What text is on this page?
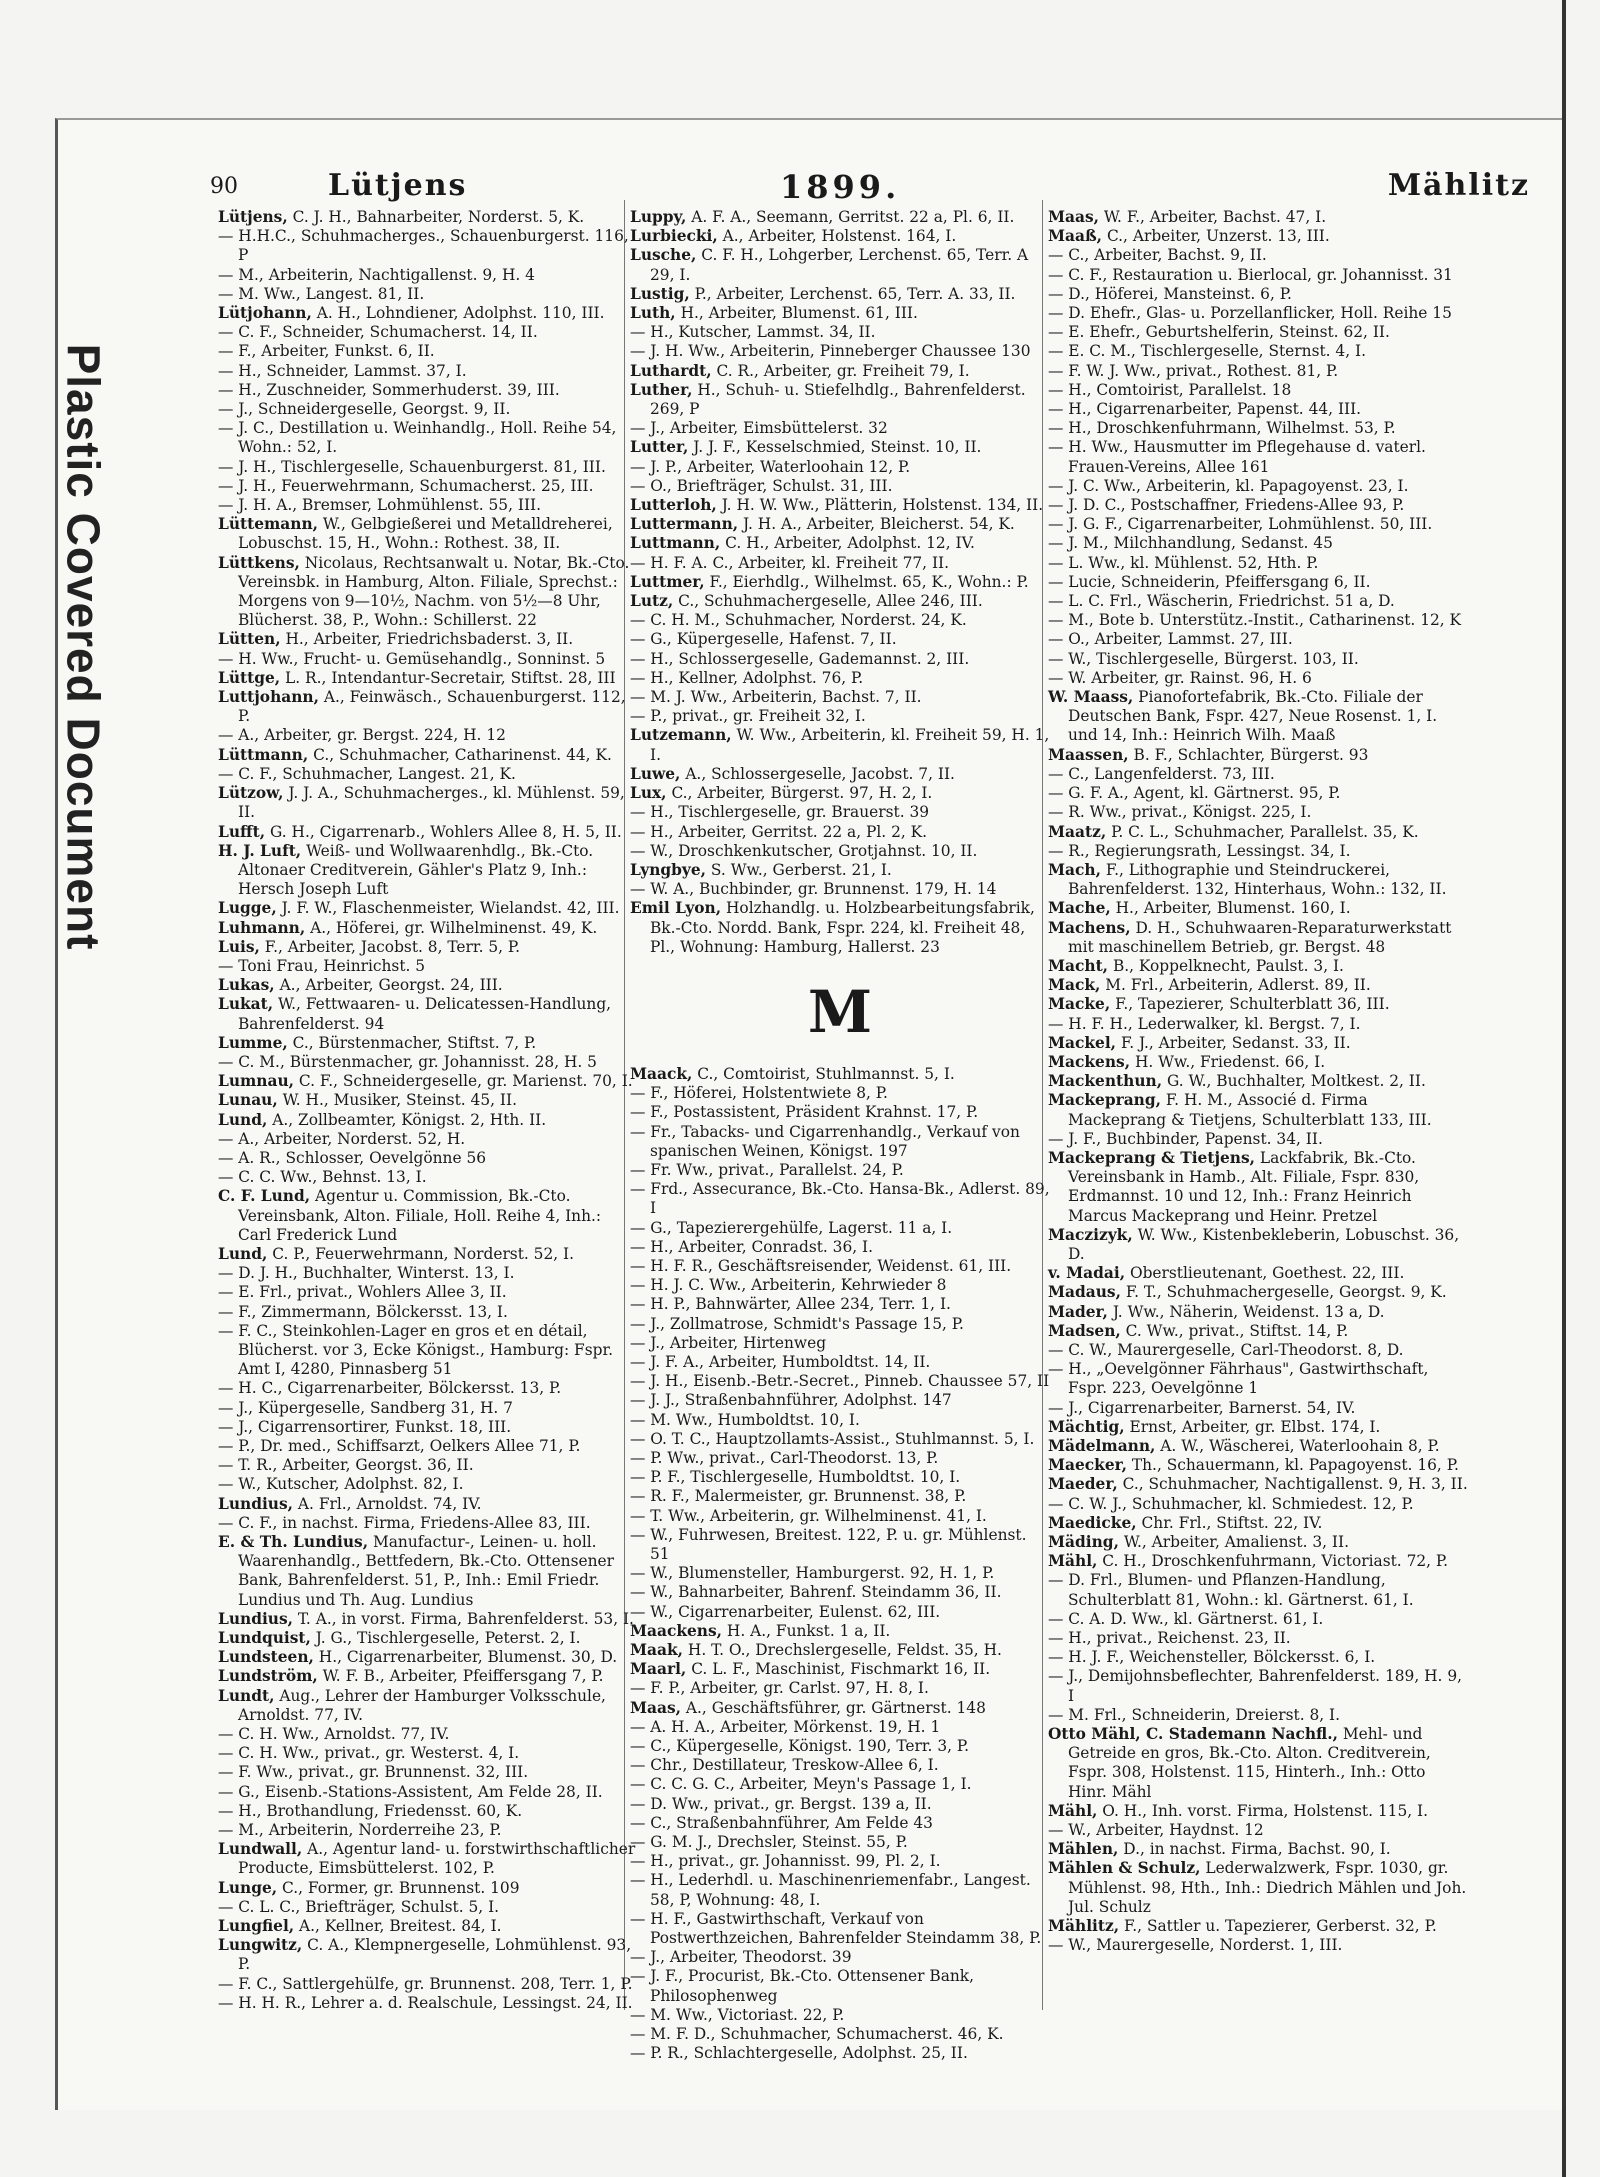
Plastic Covered Document
90	Lütjens	1899.	Mählitz

Lütjens, C. J. H., Bahnarbeiter, Norderst. 5, K.

— H.H.C., Schuhmacherges., Schauenburgerst. 116, P

— M., Arbeiterin, Nachtigallenst. 9, H. 4

— M. Ww., Langest. 81, II.

Lütjohann, A. H., Lohndiener, Adolphst. 110, III.

— C. F., Schneider, Schumacherst. 14, II.

— F., Arbeiter, Funkst. 6, II.

— H., Schneider, Lammst. 37, I.

— H., Zuschneider, Sommerhuderst. 39, III.

— J., Schneidergeselle, Georgst. 9, II.

— J. C., Destillation u. Weinhandlg., Holl. Reihe 54, Wohn.: 52, I.

— J. H., Tischlergeselle, Schauenburgerst. 81, III.

— J. H., Feuerwehrmann, Schumacherst. 25, III.

— J. H. A., Bremser, Lohmühlenst. 55, III.

Lüttemann, W., Gelbgießerei und Metalldreherei, Lobuschst. 15, H., Wohn.: Rothest. 38, II.

Lüttkens, Nicolaus, Rechtsanwalt u. Notar, Bk.-Cto. Vereinsbk. in Hamburg, Alton. Filiale, Sprechst.: Morgens von 9—10½, Nachm. von 5½—8 Uhr, Blücherst. 38, P., Wohn.: Schillerst. 22

Lütten, H., Arbeiter, Friedrichsbaderst. 3, II.

— H. Ww., Frucht- u. Gemüsehandlg., Sonninst. 5

Lüttge, L. R., Intendantur-Secretair, Stiftst. 28, III

Luttjohann, A., Feinwäsch., Schauenburgerst. 112, P.

— A., Arbeiter, gr. Bergst. 224, H. 12

Lüttmann, C., Schuhmacher, Catharinenst. 44, K.

— C. F., Schuhmacher, Langest. 21, K.

Lützow, J. J. A., Schuhmacherges., kl. Mühlenst. 59, II.

Lufft, G. H., Cigarrenarb., Wohlers Allee 8, H. 5, II.

H. J. Luft, Weiß- und Wollwaarenhdlg., Bk.-Cto. Altonaer Creditverein, Gähler's Platz 9, Inh.: Hersch Joseph Luft

Lugge, J. F. W., Flaschenmeister, Wielandst. 42, III.

Luhmann, A., Höferei, gr. Wilhelminenst. 49, K.

Luis, F., Arbeiter, Jacobst. 8, Terr. 5, P.

— Toni Frau, Heinrichst. 5

Lukas, A., Arbeiter, Georgst. 24, III.

Lukat, W., Fettwaaren- u. Delicatessen-Handlung, Bahrenfelderst. 94

Lumme, C., Bürstenmacher, Stiftst. 7, P.

— C. M., Bürstenmacher, gr. Johannisst. 28, H. 5

Lumnau, C. F., Schneidergeselle, gr. Marienst. 70, I.

Lunau, W. H., Musiker, Steinst. 45, II.

Lund, A., Zollbeamter, Königst. 2, Hth. II.

— A., Arbeiter, Norderst. 52, H.

— A. R., Schlosser, Oevelgönne 56

— C. C. Ww., Behnst. 13, I.

C. F. Lund, Agentur u. Commission, Bk.-Cto. Vereinsbank, Alton. Filiale, Holl. Reihe 4, Inh.: Carl Frederick Lund

Lund, C. P., Feuerwehrmann, Norderst. 52, I.

— D. J. H., Buchhalter, Winterst. 13, I.

— E. Frl., privat., Wohlers Allee 3, II.

— F., Zimmermann, Bölckersst. 13, I.

— F. C., Steinkohlen-Lager en gros et en détail, Blücherst. vor 3, Ecke Königst., Hamburg: Fspr. Amt I, 4280, Pinnasberg 51

— H. C., Cigarrenarbeiter, Bölckersst. 13, P.

— J., Küpergeselle, Sandberg 31, H. 7

— J., Cigarrensortirer, Funkst. 18, III.

— P., Dr. med., Schiffsarzt, Oelkers Allee 71, P.

— T. R., Arbeiter, Georgst. 36, II.

— W., Kutscher, Adolphst. 82, I.

Lundius, A. Frl., Arnoldst. 74, IV.

— C. F., in nachst. Firma, Friedens-Allee 83, III.

E. & Th. Lundius, Manufactur-, Leinen- u. holl. Waarenhandlg., Bettfedern, Bk.-Cto. Ottensener Bank, Bahrenfelderst. 51, P., Inh.: Emil Friedr. Lundius und Th. Aug. Lundius

Lundius, T. A., in vorst. Firma, Bahrenfelderst. 53, I.

Lundquist, J. G., Tischlergeselle, Peterst. 2, I.

Lundsteen, H., Cigarrenarbeiter, Blumenst. 30, D.

Lundström, W. F. B., Arbeiter, Pfeiffersgang 7, P.

Lundt, Aug., Lehrer der Hamburger Volksschule, Arnoldst. 77, IV.

— C. H. Ww., Arnoldst. 77, IV.

— C. H. Ww., privat., gr. Westerst. 4, I.

— F. Ww., privat., gr. Brunnenst. 32, III.

— G., Eisenb.-Stations-Assistent, Am Felde 28, II.

— H., Brothandlung, Friedensst. 60, K.

— M., Arbeiterin, Norderreihe 23, P.

Lundwall, A., Agentur land- u. forstwirthschaftlicher Producte, Eimsbüttelerst. 102, P.

Lunge, C., Former, gr. Brunnenst. 109

— C. L. C., Briefträger, Schulst. 5, I.

Lungfiel, A., Kellner, Breitest. 84, I.

Lungwitz, C. A., Klempnergeselle, Lohmühlenst. 93, P.

— F. C., Sattlergehülfe, gr. Brunnenst. 208, Terr. 1, P.

— H. H. R., Lehrer a. d. Realschule, Lessingst. 24, II.

Luppy, A. F. A., Seemann, Gerritst. 22 a, Pl. 6, II.

Lurbiecki, A., Arbeiter, Holstenst. 164, I.

Lusche, C. F. H., Lohgerber, Lerchenst. 65, Terr. A 29, I.

Lustig, P., Arbeiter, Lerchenst. 65, Terr. A. 33, II.

Luth, H., Arbeiter, Blumenst. 61, III.

— H., Kutscher, Lammst. 34, II.

— J. H. Ww., Arbeiterin, Pinneberger Chaussee 130

Luthardt, C. R., Arbeiter, gr. Freiheit 79, I.

Luther, H., Schuh- u. Stiefelhdlg., Bahrenfelderst. 269, P

— J., Arbeiter, Eimsbüttelerst. 32

Lutter, J. J. F., Kesselschmied, Steinst. 10, II.

— J. P., Arbeiter, Waterloohain 12, P.

— O., Briefträger, Schulst. 31, III.

Lutterloh, J. H. W. Ww., Plätterin, Holstenst. 134, II.

Luttermann, J. H. A., Arbeiter, Bleicherst. 54, K.

Luttmann, C. H., Arbeiter, Adolphst. 12, IV.

— H. F. A. C., Arbeiter, kl. Freiheit 77, II.

Luttmer, F., Eierhdlg., Wilhelmst. 65, K., Wohn.: P.

Lutz, C., Schuhmachergeselle, Allee 246, III.

— C. H. M., Schuhmacher, Norderst. 24, K.

— G., Küpergeselle, Hafenst. 7, II.

— H., Schlossergeselle, Gademannst. 2, III.

— H., Kellner, Adolphst. 76, P.

— M. J. Ww., Arbeiterin, Bachst. 7, II.

— P., privat., gr. Freiheit 32, I.

Lutzemann, W. Ww., Arbeiterin, kl. Freiheit 59, H. 1, I.

Luwe, A., Schlossergeselle, Jacobst. 7, II.

Lux, C., Arbeiter, Bürgerst. 97, H. 2, I.

— H., Tischlergeselle, gr. Brauerst. 39

— H., Arbeiter, Gerritst. 22 a, Pl. 2, K.

— W., Droschkenkutscher, Grotjahnst. 10, II.

Lyngbye, S. Ww., Gerberst. 21, I.

— W. A., Buchbinder, gr. Brunnenst. 179, H. 14

Emil Lyon, Holzhandlg. u. Holzbearbeitungsfabrik, Bk.-Cto. Nordd. Bank, Fspr. 224, kl. Freiheit 48, Pl., Wohnung: Hamburg, Hallerst. 23

M

Maack, C., Comtoirist, Stuhlmannst. 5, I.

— F., Höferei, Holstentwiete 8, P.

— F., Postassistent, Präsident Krahnst. 17, P.

— Fr., Tabacks- und Cigarrenhandlg., Verkauf von spanischen Weinen, Königst. 197

— Fr. Ww., privat., Parallelst. 24, P.

— Frd., Assecurance, Bk.-Cto. Hansa-Bk., Adlerst. 89, I

— G., Tapezierergehülfe, Lagerst. 11 a, I.

— H., Arbeiter, Conradst. 36, I.

— H. F. R., Geschäftsreisender, Weidenst. 61, III.

— H. J. C. Ww., Arbeiterin, Kehrwieder 8

— H. P., Bahnwärter, Allee 234, Terr. 1, I.

— J., Zollmatrose, Schmidt's Passage 15, P.

— J., Arbeiter, Hirtenweg

— J. F. A., Arbeiter, Humboldtst. 14, II.

— J. H., Eisenb.-Betr.-Secret., Pinneb. Chaussee 57, II

— J. J., Straßenbahnführer, Adolphst. 147

— M. Ww., Humboldtst. 10, I.

— O. T. C., Hauptzollamts-Assist., Stuhlmannst. 5, I.

— P. Ww., privat., Carl-Theodorst. 13, P.

— P. F., Tischlergeselle, Humboldtst. 10, I.

— R. F., Malermeister, gr. Brunnenst. 38, P.

— T. Ww., Arbeiterin, gr. Wilhelminenst. 41, I.

— W., Fuhrwesen, Breitest. 122, P. u. gr. Mühlenst. 51

— W., Blumensteller, Hamburgerst. 92, H. 1, P.

— W., Bahnarbeiter, Bahrenf. Steindamm 36, II.

— W., Cigarrenarbeiter, Eulenst. 62, III.

Maackens, H. A., Funkst. 1 a, II.

Maak, H. T. O., Drechslergeselle, Feldst. 35, H.

Maarl, C. L. F., Maschinist, Fischmarkt 16, II.

— F. P., Arbeiter, gr. Carlst. 97, H. 8, I.

Maas, A., Geschäftsführer, gr. Gärtnerst. 148

— A. H. A., Arbeiter, Mörkenst. 19, H. 1

— C., Küpergeselle, Königst. 190, Terr. 3, P.

— Chr., Destillateur, Treskow-Allee 6, I.

— C. C. G. C., Arbeiter, Meyn's Passage 1, I.

— D. Ww., privat., gr. Bergst. 139 a, II.

— C., Straßenbahnführer, Am Felde 43

— G. M. J., Drechsler, Steinst. 55, P.

— H., privat., gr. Johannisst. 99, Pl. 2, I.

— H., Lederhdl. u. Maschinenriemenfabr., Langest. 58, P, Wohnung: 48, I.

— H. F., Gastwirthschaft, Verkauf von Postwerthzeichen, Bahrenfelder Steindamm 38, P.

— J., Arbeiter, Theodorst. 39

— J. F., Procurist, Bk.-Cto. Ottensener Bank, Philosophenweg

— M. Ww., Victoriast. 22, P.

— M. F. D., Schuhmacher, Schumacherst. 46, K.

— P. R., Schlachtergeselle, Adolphst. 25, II.

Maas, W. F., Arbeiter, Bachst. 47, I.

Maaß, C., Arbeiter, Unzerst. 13, III.

— C., Arbeiter, Bachst. 9, II.

— C. F., Restauration u. Bierlocal, gr. Johannisst. 31

— D., Höferei, Mansteinst. 6, P.

— D. Ehefr., Glas- u. Porzellanflicker, Holl. Reihe 15

— E. Ehefr., Geburtshelferin, Steinst. 62, II.

— E. C. M., Tischlergeselle, Sternst. 4, I.

— F. W. J. Ww., privat., Rothest. 81, P.

— H., Comtoirist, Parallelst. 18

— H., Cigarrenarbeiter, Papenst. 44, III.

— H., Droschkenfuhrmann, Wilhelmst. 53, P.

— H. Ww., Hausmutter im Pflegehause d. vaterl. Frauen-Vereins, Allee 161

— J. C. Ww., Arbeiterin, kl. Papagoyenst. 23, I.

— J. D. C., Postschaffner, Friedens-Allee 93, P.

— J. G. F., Cigarrenarbeiter, Lohmühlenst. 50, III.

— J. M., Milchhandlung, Sedanst. 45

— L. Ww., kl. Mühlenst. 52, Hth. P.

— Lucie, Schneiderin, Pfeiffersgang 6, II.

— L. C. Frl., Wäscherin, Friedrichst. 51 a, D.

— M., Bote b. Unterstütz.-Instit., Catharinenst. 12, K

— O., Arbeiter, Lammst. 27, III.

— W., Tischlergeselle, Bürgerst. 103, II.

— W. Arbeiter, gr. Rainst. 96, H. 6

W. Maass, Pianofortefabrik, Bk.-Cto. Filiale der Deutschen Bank, Fspr. 427, Neue Rosenst. 1, I. und 14, Inh.: Heinrich Wilh. Maaß

Maassen, B. F., Schlachter, Bürgerst. 93

— C., Langenfelderst. 73, III.

— G. F. A., Agent, kl. Gärtnerst. 95, P.

— R. Ww., privat., Königst. 225, I.

Maatz, P. C. L., Schuhmacher, Parallelst. 35, K.

— R., Regierungsrath, Lessingst. 34, I.

Mach, F., Lithographie und Steindruckerei, Bahrenfelderst. 132, Hinterhaus, Wohn.: 132, II.

Mache, H., Arbeiter, Blumenst. 160, I.

Machens, D. H., Schuhwaaren-Reparaturwerkstatt mit maschinellem Betrieb, gr. Bergst. 48

Macht, B., Koppelknecht, Paulst. 3, I.

Mack, M. Frl., Arbeiterin, Adlerst. 89, II.

Macke, F., Tapezierer, Schulterblatt 36, III.

— H. F. H., Lederwalker, kl. Bergst. 7, I.

Mackel, F. J., Arbeiter, Sedanst. 33, II.

Mackens, H. Ww., Friedenst. 66, I.

Mackenthun, G. W., Buchhalter, Moltkest. 2, II.

Mackeprang, F. H. M., Associé d. Firma Mackeprang & Tietjens, Schulterblatt 133, III.

— J. F., Buchbinder, Papenst. 34, II.

Mackeprang & Tietjens, Lackfabrik, Bk.-Cto. Vereinsbank in Hamb., Alt. Filiale, Fspr. 830, Erdmannst. 10 und 12, Inh.: Franz Heinrich Marcus Mackeprang und Heinr. Pretzel

Maczizyk, W. Ww., Kistenbekleberin, Lobuschst. 36, D.

v. Madai, Oberstlieutenant, Goethest. 22, III.

Madaus, F. T., Schuhmachergeselle, Georgst. 9, K.

Mader, J. Ww., Näherin, Weidenst. 13 a, D.

Madsen, C. Ww., privat., Stiftst. 14, P.

— C. W., Maurergeselle, Carl-Theodorst. 8, D.

— H., „Oevelgönner Fährhaus", Gastwirthschaft, Fspr. 223, Oevelgönne 1

— J., Cigarrenarbeiter, Barnerst. 54, IV.

Mächtig, Ernst, Arbeiter, gr. Elbst. 174, I.

Mädelmann, A. W., Wäscherei, Waterloohain 8, P.

Maecker, Th., Schauermann, kl. Papagoyenst. 16, P.

Maeder, C., Schuhmacher, Nachtigallenst. 9, H. 3, II.

— C. W. J., Schuhmacher, kl. Schmiedest. 12, P.

Maedicke, Chr. Frl., Stiftst. 22, IV.

Mäding, W., Arbeiter, Amalienst. 3, II.

Mähl, C. H., Droschkenfuhrmann, Victoriast. 72, P.

— D. Frl., Blumen- und Pflanzen-Handlung, Schulterblatt 81, Wohn.: kl. Gärtnerst. 61, I.

— C. A. D. Ww., kl. Gärtnerst. 61, I.

— H., privat., Reichenst. 23, II.

— H. J. F., Weichensteller, Bölckersst. 6, I.

— J., Demijohnsbeflechter, Bahrenfelderst. 189, H. 9, I

— M. Frl., Schneiderin, Dreierst. 8, I.

Otto Mähl, C. Stademann Nachfl., Mehl- und Getreide en gros, Bk.-Cto. Alton. Creditverein, Fspr. 308, Holstenst. 115, Hinterh., Inh.: Otto Hinr. Mähl

Mähl, O. H., Inh. vorst. Firma, Holstenst. 115, I.

— W., Arbeiter, Haydnst. 12

Mählen, D., in nachst. Firma, Bachst. 90, I.

Mählen & Schulz, Lederwalzwerk, Fspr. 1030, gr. Mühlenst. 98, Hth., Inh.: Diedrich Mählen und Joh. Jul. Schulz

Mählitz, F., Sattler u. Tapezierer, Gerberst. 32, P.

— W., Maurergeselle, Norderst. 1, III.
